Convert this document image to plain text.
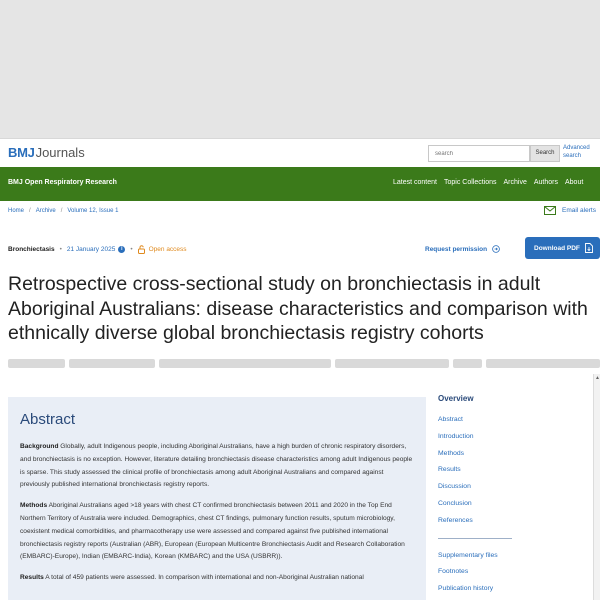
BMJJournals
search	Search
Advanced search
BMJ Open Respiratory Research	Latest content Topic Collections Archive Authors About
Home / Archive / Volume 12, Issue 1	Email alerts
Bronchiectasis • 21 January 2025	i	• Open access	Request permission	Download PDF
Retrospective cross-sectional study on bronchiectasis in adult Aboriginal Australians: disease characteristics and comparison with ethnically diverse global bronchiectasis registry cohorts
▲
Abstract

Background Globally, adult Indigenous people, including Aboriginal Australians, have a high burden of chronic respiratory disorders, and bronchiectasis is no exception. However, literature detailing bronchiectasis disease characteristics among adult Indigenous people is sparse. This study assessed the clinical profile of bronchiectasis among adult Aboriginal Australians and compared against previously published international bronchiectasis registry reports.

Methods Aboriginal Australians aged >18 years with chest CT confirmed bronchiectasis between 2011 and 2020 in the Top End Northern Territory of Australia were included. Demographics, chest CT findings, pulmonary function results, sputum microbiology, coexistent medical comorbidities, and pharmacotherapy use were assessed and compared against five published international bronchiectasis registry reports (Australian (ABR), European (European Multicentre Bronchiectasis Audit and Research Collaboration (EMBARC)-Europe), Indian (EMBARC-India), Korean (KMBARC) and the USA (USBRR)).

Results A total of 459 patients were assessed. In comparison with international and non-Aboriginal Australian national

Overview
Abstract
Introduction
Methods
Results
Discussion
Conclusion
References
Supplementary files
Footnotes
Publication history
